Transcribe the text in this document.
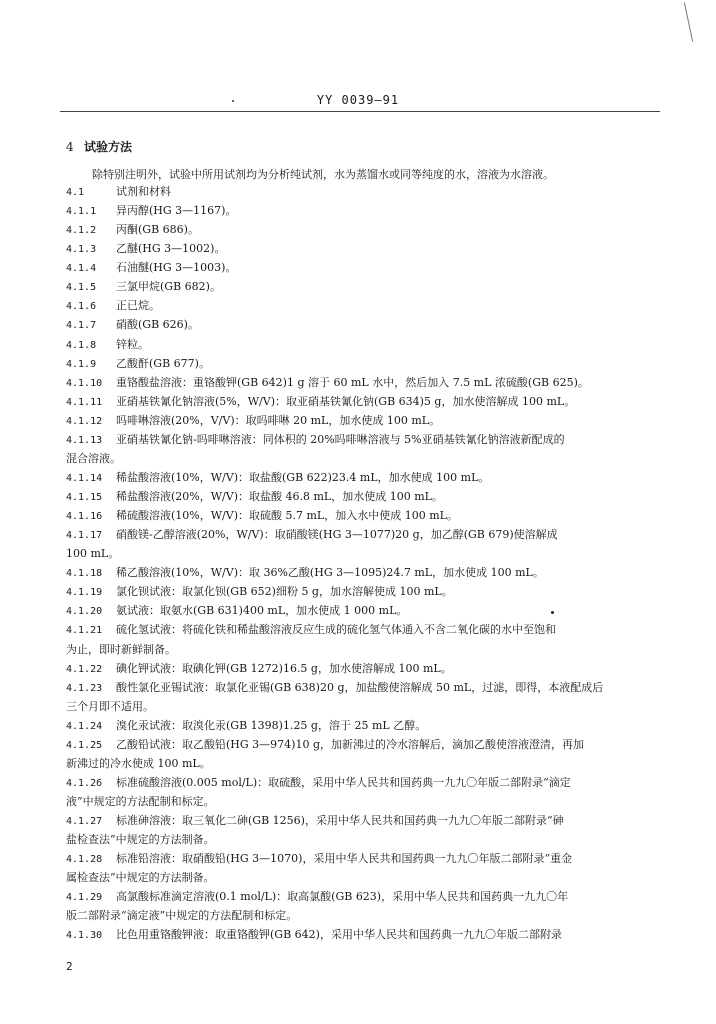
YY 0039—91
4 试验方法
除特别注明外，试验中所用试剂均为分析纯试剂，水为蒸馏水或同等纯度的水，溶液为水溶液。
4.1	试剂和材料
4.1.1 异丙醇(HG 3—1167)。
4.1.2 丙酮(GB 686)。
4.1.3 乙醚(HG 3—1002)。
4.1.4 石油醚(HG 3—1003)。
4.1.5 三氯甲烷(GB 682)。
4.1.6 正已烷。
4.1.7 硝酸(GB 626)。
4.1.8 锌粒。
4.1.9 乙酸酐(GB 677)。
4.1.10 重铬酸盐溶液：重铬酸钾(GB 642)1 g 溶于 60 mL 水中，然后加入 7.5 mL 浓硫酸(GB 625)。
4.1.11 亚硝基铁氰化钠溶液(5%，W/V)：取亚硝基铁氰化钠(GB 634)5 g，加水使溶解成 100 mL。
4.1.12 吗啡啉溶液(20%，V/V)：取吗啡啉 20 mL，加水使成 100 mL。
4.1.13 亚硝基铁氰化钠-吗啡啉溶液：同体积的 20%吗啡啉溶液与 5%亚硝基铁氰化钠溶液新配成的
混合溶液。
4.1.14 稀盐酸溶液(10%，W/V)：取盐酸(GB 622)23.4 mL，加水使成 100 mL。
4.1.15 稀盐酸溶液(20%，W/V)：取盐酸 46.8 mL，加水使成 100 mL。
4.1.16 稀硫酸溶液(10%，W/V)：取硫酸 5.7 mL，加入水中使成 100 mL。
4.1.17 硝酸镁-乙醇溶液(20%，W/V)：取硝酸镁(HG 3—1077)20 g，加乙醇(GB 679)使溶解成
100 mL。
4.1.18 稀乙酸溶液(10%，W/V)：取 36%乙酸(HG 3—1095)24.7 mL，加水使成 100 mL。
4.1.19 氯化钡试液：取氯化钡(GB 652)细粉 5 g，加水溶解使成 100 mL。
4.1.20 氨试液：取氨水(GB 631)400 mL，加水使成 1 000 mL。
4.1.21 硫化氢试液：将硫化铁和稀盐酸溶液反应生成的硫化氢气体通入不含二氧化碳的水中至饱和
为止，即时新鲜制备。
4.1.22 碘化钾试液：取碘化钾(GB 1272)16.5 g，加水使溶解成 100 mL。
4.1.23 酸性氯化亚锡试液：取氯化亚锡(GB 638)20 g，加盐酸使溶解成 50 mL，过滤，即得，本液配成后
三个月即不适用。
4.1.24 溴化汞试液：取溴化汞(GB 1398)1.25 g，溶于 25 mL 乙醇。
4.1.25 乙酸铅试液：取乙酸铅(HG 3—974)10 g，加新沸过的冷水溶解后，滴加乙酸使溶液澄清，再加
新沸过的冷水使成 100 mL。
4.1.26 标准硫酸溶液(0.005 mol/L)：取硫酸，采用中华人民共和国药典一九九〇年版二部附录“滴定
液”中规定的方法配制和标定。
4.1.27 标准砷溶液：取三氧化二砷(GB 1256)，采用中华人民共和国药典一九九〇年版二部附录“砷
盐检查法”中规定的方法制备。
4.1.28 标准铅溶液：取硝酸铅(HG 3—1070)，采用中华人民共和国药典一九九〇年版二部附录“重金
属检查法”中规定的方法制备。
4.1.29 高氯酸标准滴定溶液(0.1 mol/L)：取高氯酸(GB 623)，采用中华人民共和国药典一九九〇年
版二部附录“滴定液”中规定的方法配制和标定。
4.1.30 比色用重铬酸钾液：取重铬酸钾(GB 642)，采用中华人民共和国药典一九九〇年版二部附录
2
